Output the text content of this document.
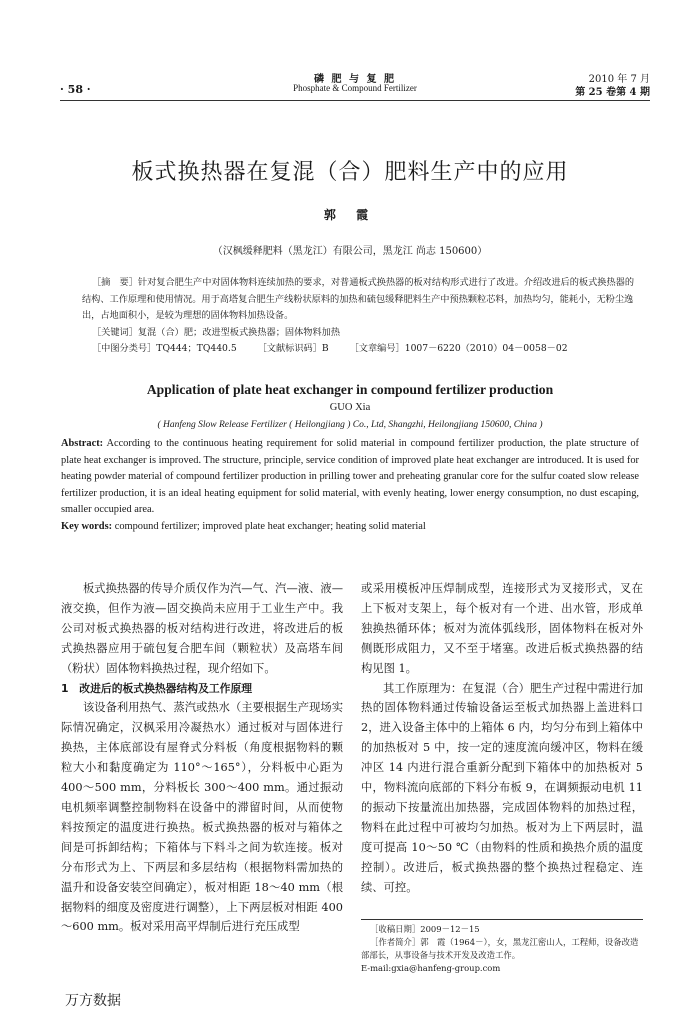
· 58 ·
磷 肥 与 复 肥
Phosphate & Compound Fertilizer
2010 年 7 月
第 25 卷第 4 期
板式换热器在复混（合）肥料生产中的应用
郭 霞
（汉枫缓释肥料（黑龙江）有限公司，黑龙江 尚志 150600）

［摘　要］针对复合肥生产中对固体物料连续加热的要求，对普通板式换热器的板对结构形式进行了改进。介绍改进后的板式换热器的结构、工作原理和使用情况。用于高塔复合肥生产线粉状原料的加热和硫包缓释肥料生产中预热颗粒芯料，加热均匀，能耗小，无粉尘逸出，占地面积小，是较为理想的固体物料加热设备。

［关键词］复混（合）肥；改进型板式换热器；固体物料加热

［中图分类号］TQ444；TQ440.5 ［文献标识码］B ［文章编号］1007－6220（2010）04－0058－02

Application of plate heat exchanger in compound fertilizer production
GUO Xia
( Hanfeng Slow Release Fertilizer ( Heilongjiang ) Co., Ltd, Shangzhi, Heilongjiang 150600, China )

Abstract: According to the continuous heating requirement for solid material in compound fertilizer production, the plate structure of plate heat exchanger is improved. The structure, principle, service condition of improved plate heat exchanger are introduced. It is used for heating powder material of compound fertilizer production in prilling tower and preheating granular core for the sulfur coated slow release fertilizer production, it is an ideal heating equipment for solid material, with evenly heating, lower energy consumption, no dust escaping, smaller occupied area.

Key words: compound fertilizer; improved plate heat exchanger; heating solid material

板式换热器的传导介质仅作为汽—气、汽—液、液—液交换，但作为液—固交换尚未应用于工业生产中。我公司对板式换热器的板对结构进行改进，将改进后的板式换热器应用于硫包复合肥车间（颗粒状）及高塔车间（粉状）固体物料换热过程，现介绍如下。

1　改进后的板式换热器结构及工作原理

该设备利用热气、蒸汽或热水（主要根据生产现场实际情况确定，汉枫采用冷凝热水）通过板对与固体进行换热，主体底部设有屋脊式分料板（角度根据物料的颗粒大小和黏度确定为 110°～165°），分料板中心距为 400～500 mm，分料板长 300～400 mm。通过振动电机频率调整控制物料在设备中的滞留时间，从而使物料按预定的温度进行换热。板式换热器的板对与箱体之间是可拆卸结构；下箱体与下料斗之间为软连接。板对分布形式为上、下两层和多层结构（根据物料需加热的温升和设备安装空间确定），板对相距 18～40 mm（根据物料的细度及密度进行调整），上下两层板对相距 400～600 mm。板对采用高平焊制后进行充压成型

或采用模板冲压焊制成型，连接形式为叉接形式，叉在上下板对支架上，每个板对有一个进、出水管，形成单独换热循环体；板对为流体弧线形，固体物料在板对外侧既形成阻力，又不至于堵塞。改进后板式换热器的结构见图 1。

其工作原理为：在复混（合）肥生产过程中需进行加热的固体物料通过传输设备运至板式加热器上盖进料口 2，进入设备主体中的上箱体 6 内，均匀分布到上箱体中的加热板对 5 中，按一定的速度流向缓冲区，物料在缓冲区 14 内进行混合重新分配到下箱体中的加热板对 5 中，物料流向底部的下料分布板 9，在调频振动电机 11 的振动下按量流出加热器，完成固体物料的加热过程，物料在此过程中可被均匀加热。板对为上下两层时，温度可提高 10～50 ℃（由物料的性质和换热介质的温度控制）。改进后，板式换热器的整个换热过程稳定、连续、可控。

［收稿日期］2009－12－15

［作者简介］郭　霞（1964－），女，黑龙江密山人，工程师，设备改造部部长，从事设备与技术开发及改造工作。

E-mail:gxia@hanfeng-group.com

万方数据
